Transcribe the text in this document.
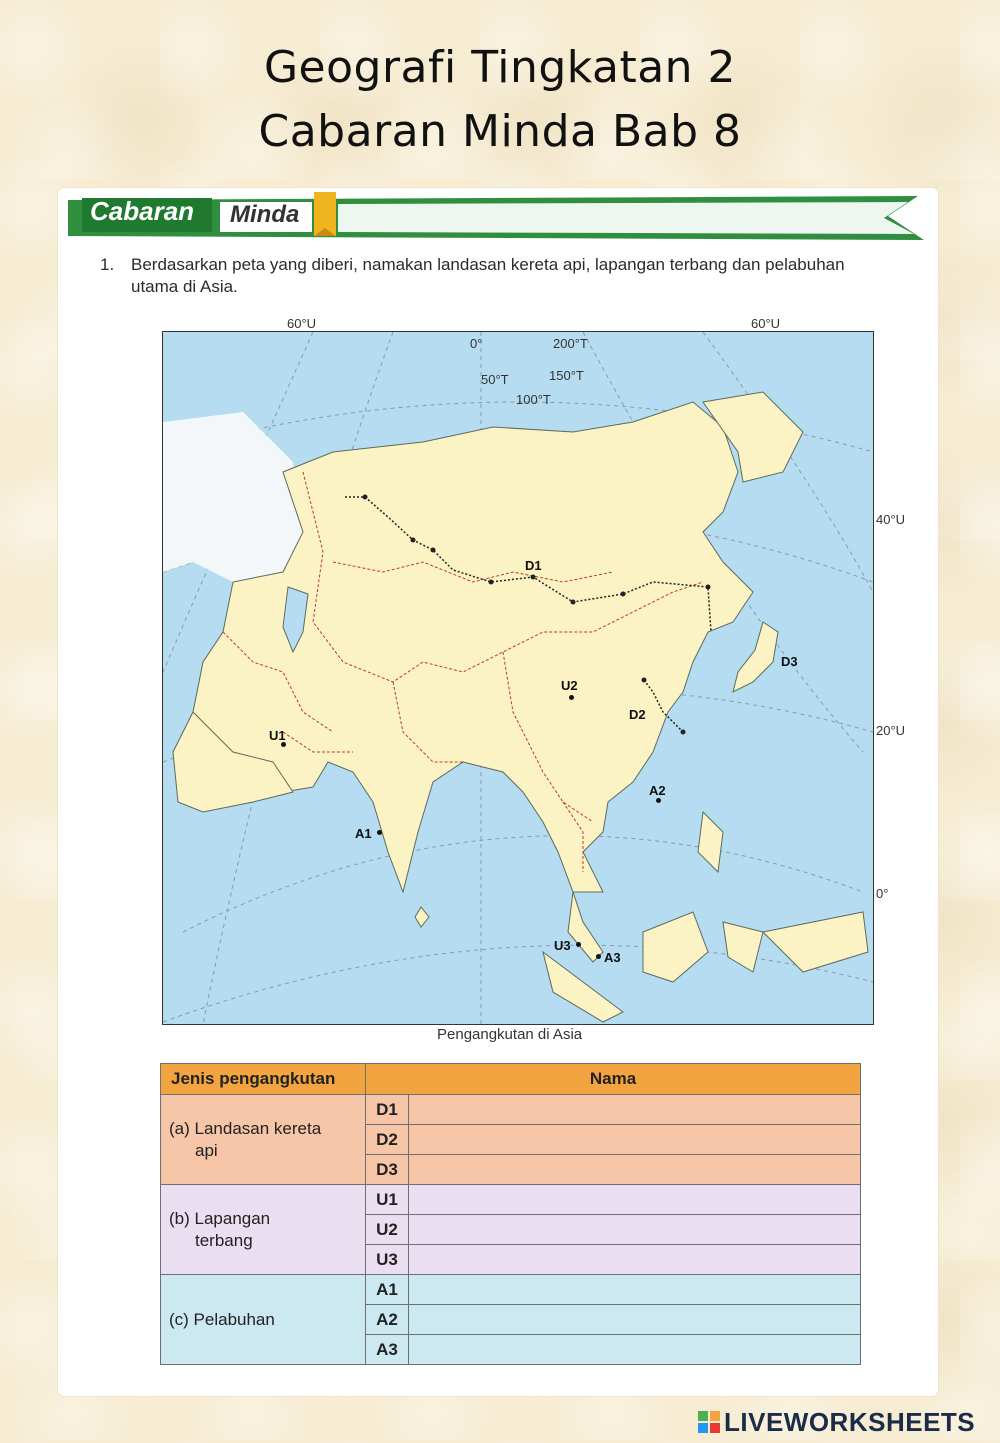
Geografi Tingkatan 2
Cabaran Minda Bab 8
Cabaran Minda
1. Berdasarkan peta yang diberi, namakan landasan kereta api, lapangan terbang dan pelabuhan utama di Asia.
60°U	60°U
40°U
20°U
0°
0°	200°T
50°T	150°T
100°T
D1
D2
D3
U1
U2
U3
A1
A2
A3
Pengangkutan di Asia
Jenis pengangkutan	Nama	
(a) Landasan kereta
api	D1	
	D2	
	D3	
(b) Lapangan
terbang	U1	
	U2	
	U3	
(c) Pelabuhan	A1	
	A2	
	A3	
LIVEWORKSHEETS
